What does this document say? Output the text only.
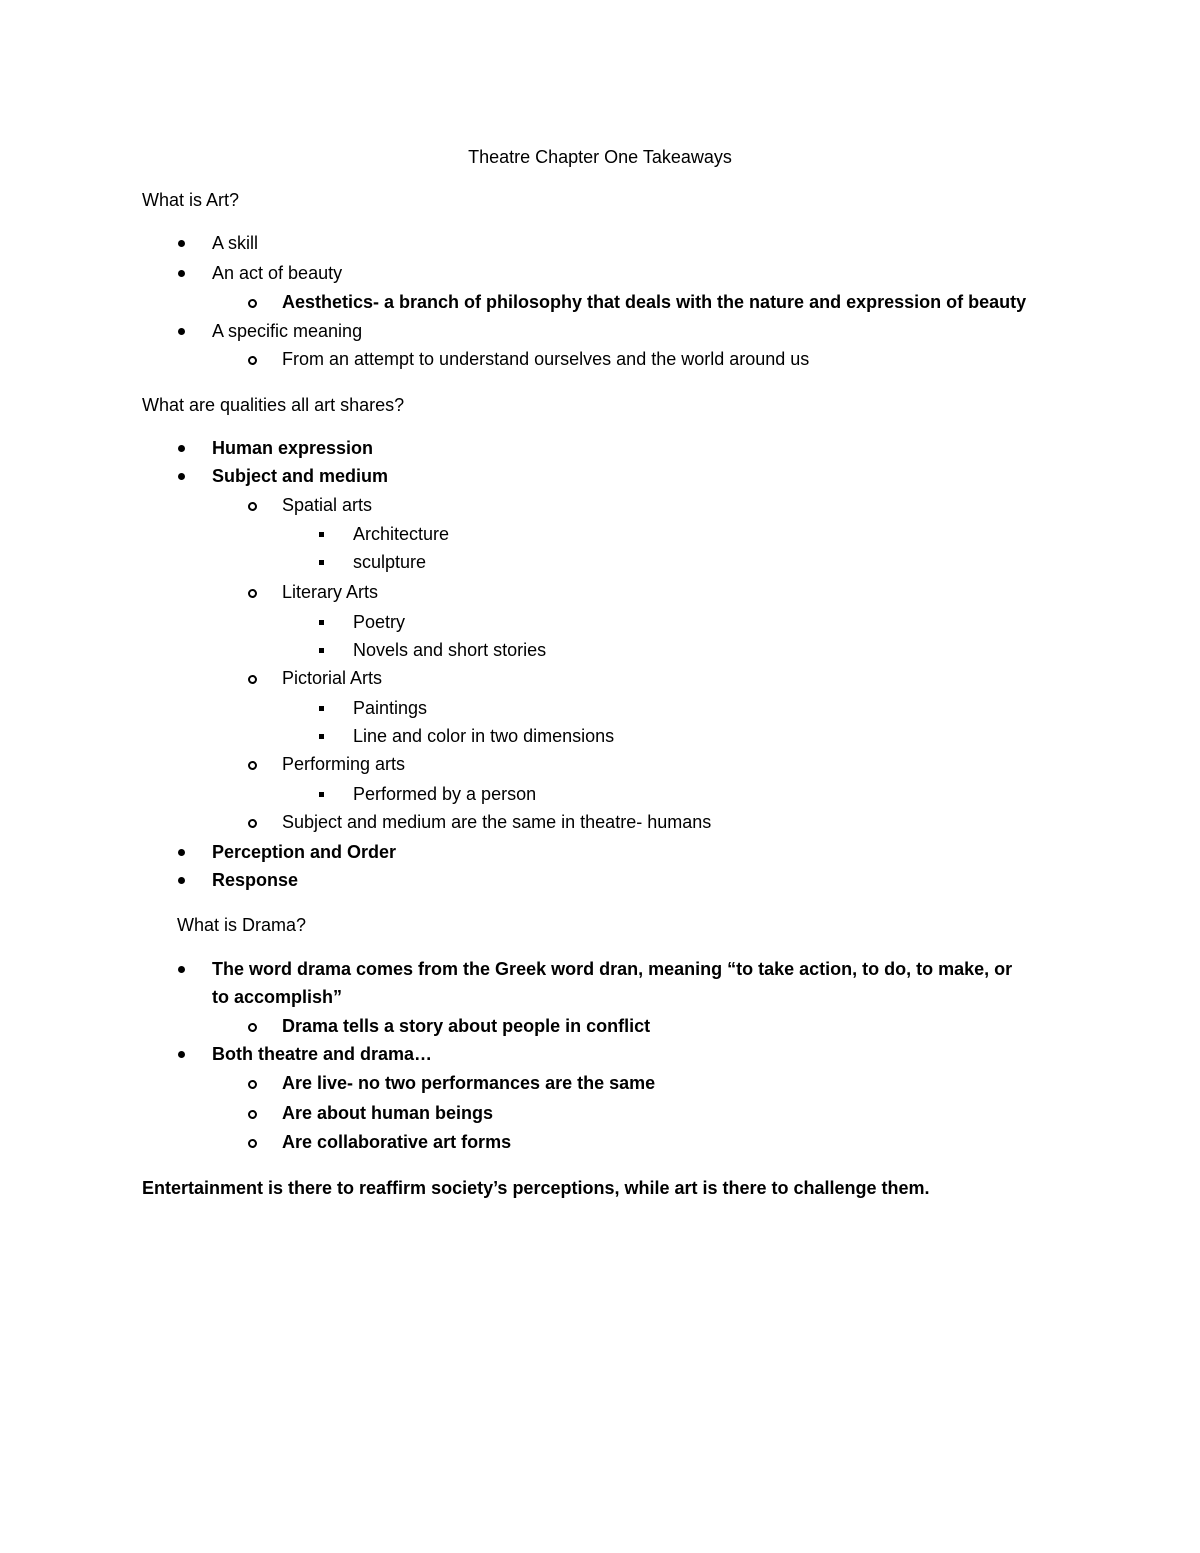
Theatre Chapter One Takeaways
What is Art?
A skill
An act of beauty
Aesthetics- a branch of philosophy that deals with the nature and expression of beauty
A specific meaning
From an attempt to understand ourselves and the world around us
What are qualities all art shares?
Human expression
Subject and medium
Spatial arts
Architecture
sculpture
Literary Arts
Poetry
Novels and short stories
Pictorial Arts
Paintings
Line and color in two dimensions
Performing arts
Performed by a person
Subject and medium are the same in theatre- humans
Perception and Order
Response
What is Drama?
The word drama comes from the Greek word dran, meaning “to take action, to do, to make, or
to accomplish”
Drama tells a story about people in conflict
Both theatre and drama…
Are live- no two performances are the same
Are about human beings
Are collaborative art forms
Entertainment is there to reaffirm society’s perceptions, while art is there to challenge them.
